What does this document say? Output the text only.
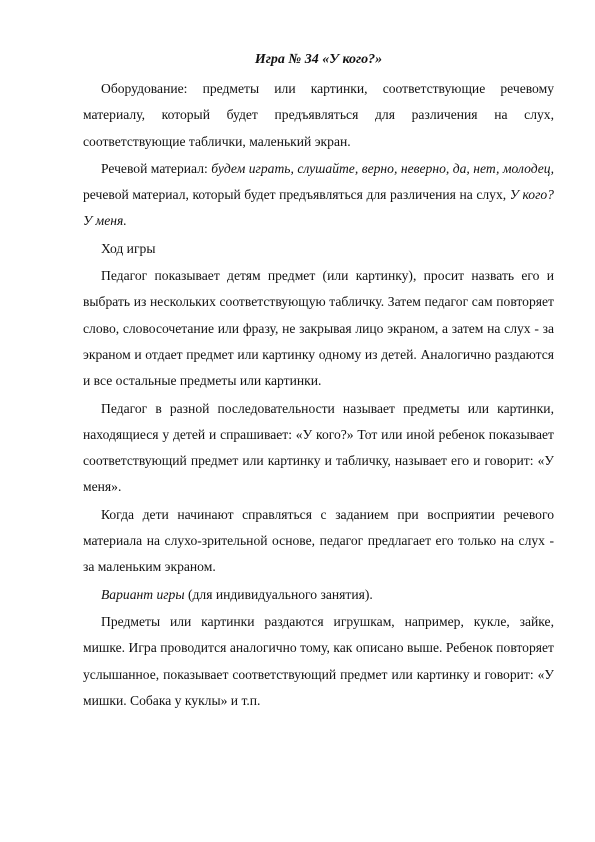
Игра № 34 «У кого?»

Оборудование: предметы или картинки, соответствующие речевому материалу, который будет предъявляться для различения на слух, соответствующие таблички, маленький экран.

Речевой материал: будем играть, слушайте, верно, неверно, да, нет, молодец, речевой материал, который будет предъявляться для различения на слух, У кого? У меня.

Ход игры

Педагог показывает детям предмет (или картинку), просит назвать его и выбрать из нескольких соответствующую табличку. Затем педагог сам повторяет слово, словосочетание или фразу, не закрывая лицо экраном, а затем на слух - за экраном и отдает предмет или картинку одному из детей. Аналогично раздаются и все остальные предметы или картинки.

Педагог в разной последовательности называет предметы или картинки, находящиеся у детей и спрашивает: «У кого?» Тот или иной ребенок показывает соответствующий предмет или картинку и табличку, называет его и говорит: «У меня».

Когда дети начинают справляться с заданием при восприятии речевого материала на слухо-зрительной основе, педагог предлагает его только на слух - за маленьким экраном.

Вариант игры (для индивидуального занятия).

Предметы или картинки раздаются игрушкам, например, кукле, зайке, мишке. Игра проводится аналогично тому, как описано выше. Ребенок повторяет услышанное, показывает соответствующий предмет или картинку и говорит: «У мишки. Собака у куклы» и т.п.
